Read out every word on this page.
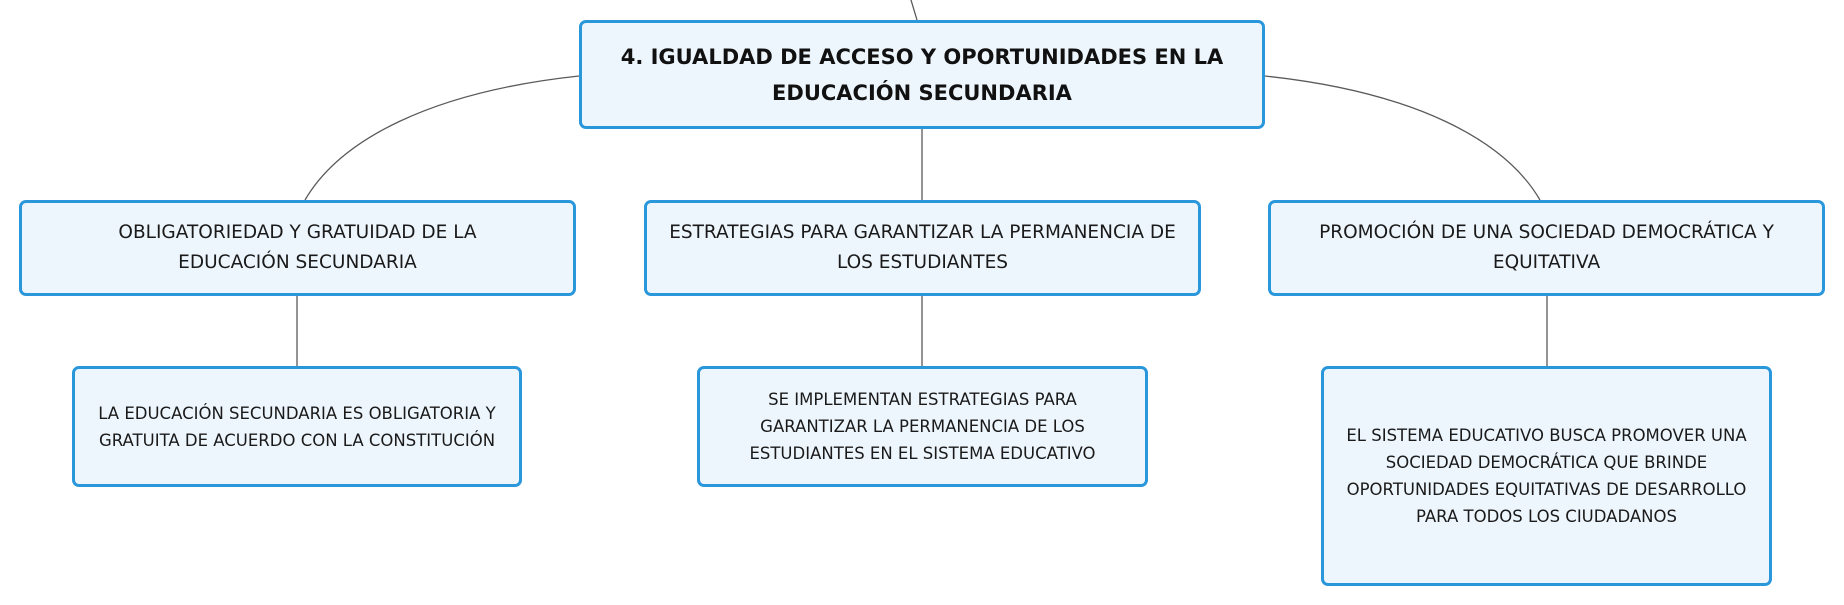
4. IGUALDAD DE ACCESO Y OPORTUNIDADES EN LA EDUCACIÓN SECUNDARIA
OBLIGATORIEDAD Y GRATUIDAD DE LA EDUCACIÓN SECUNDARIA
ESTRATEGIAS PARA GARANTIZAR LA PERMANENCIA DE LOS ESTUDIANTES
PROMOCIÓN DE UNA SOCIEDAD DEMOCRÁTICA Y EQUITATIVA
LA EDUCACIÓN SECUNDARIA ES OBLIGATORIA Y GRATUITA DE ACUERDO CON LA CONSTITUCIÓN
SE IMPLEMENTAN ESTRATEGIAS PARA GARANTIZAR LA PERMANENCIA DE LOS ESTUDIANTES EN EL SISTEMA EDUCATIVO
EL SISTEMA EDUCATIVO BUSCA PROMOVER UNA SOCIEDAD DEMOCRÁTICA QUE BRINDE OPORTUNIDADES EQUITATIVAS DE DESARROLLO PARA TODOS LOS CIUDADANOS
